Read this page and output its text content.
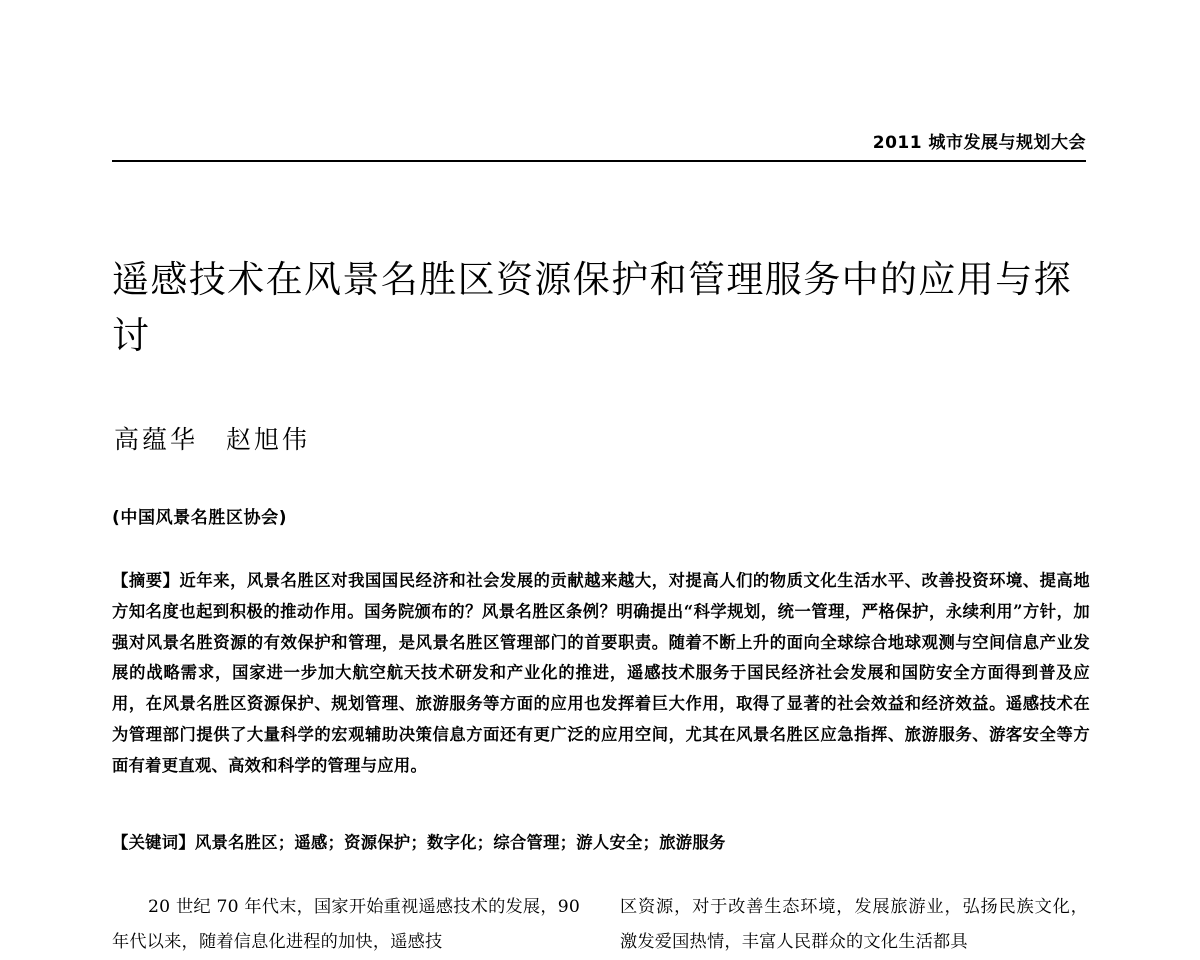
2011 城市发展与规划大会
遥感技术在风景名胜区资源保护和管理服务中的应用与探讨
高蕴华　赵旭伟
(中国风景名胜区协会)

【摘要】近年来，风景名胜区对我国国民经济和社会发展的贡献越来越大，对提高人们的物质文化生活水平、改善投资环境、提高地方知名度也起到积极的推动作用。国务院颁布的？风景名胜区条例？明确提出“科学规划，统一管理，严格保护，永续利用”方针，加强对风景名胜资源的有效保护和管理，是风景名胜区管理部门的首要职责。随着不断上升的面向全球综合地球观测与空间信息产业发展的战略需求，国家进一步加大航空航天技术研发和产业化的推进，遥感技术服务于国民经济社会发展和国防安全方面得到普及应用，在风景名胜区资源保护、规划管理、旅游服务等方面的应用也发挥着巨大作用，取得了显著的社会效益和经济效益。遥感技术在为管理部门提供了大量科学的宏观辅助决策信息方面还有更广泛的应用空间，尤其在风景名胜区应急指挥、旅游服务、游客安全等方面有着更直观、高效和科学的管理与应用。

【关键词】风景名胜区；遥感；资源保护；数字化；综合管理；游人安全；旅游服务

20 世纪 70 年代末，国家开始重视遥感技术的发展，90 年代以来，随着信息化进程的加快，遥感技

区资源，对于改善生态环境，发展旅游业，弘扬民族文化，激发爱国热情，丰富人民群众的文化生活都具
